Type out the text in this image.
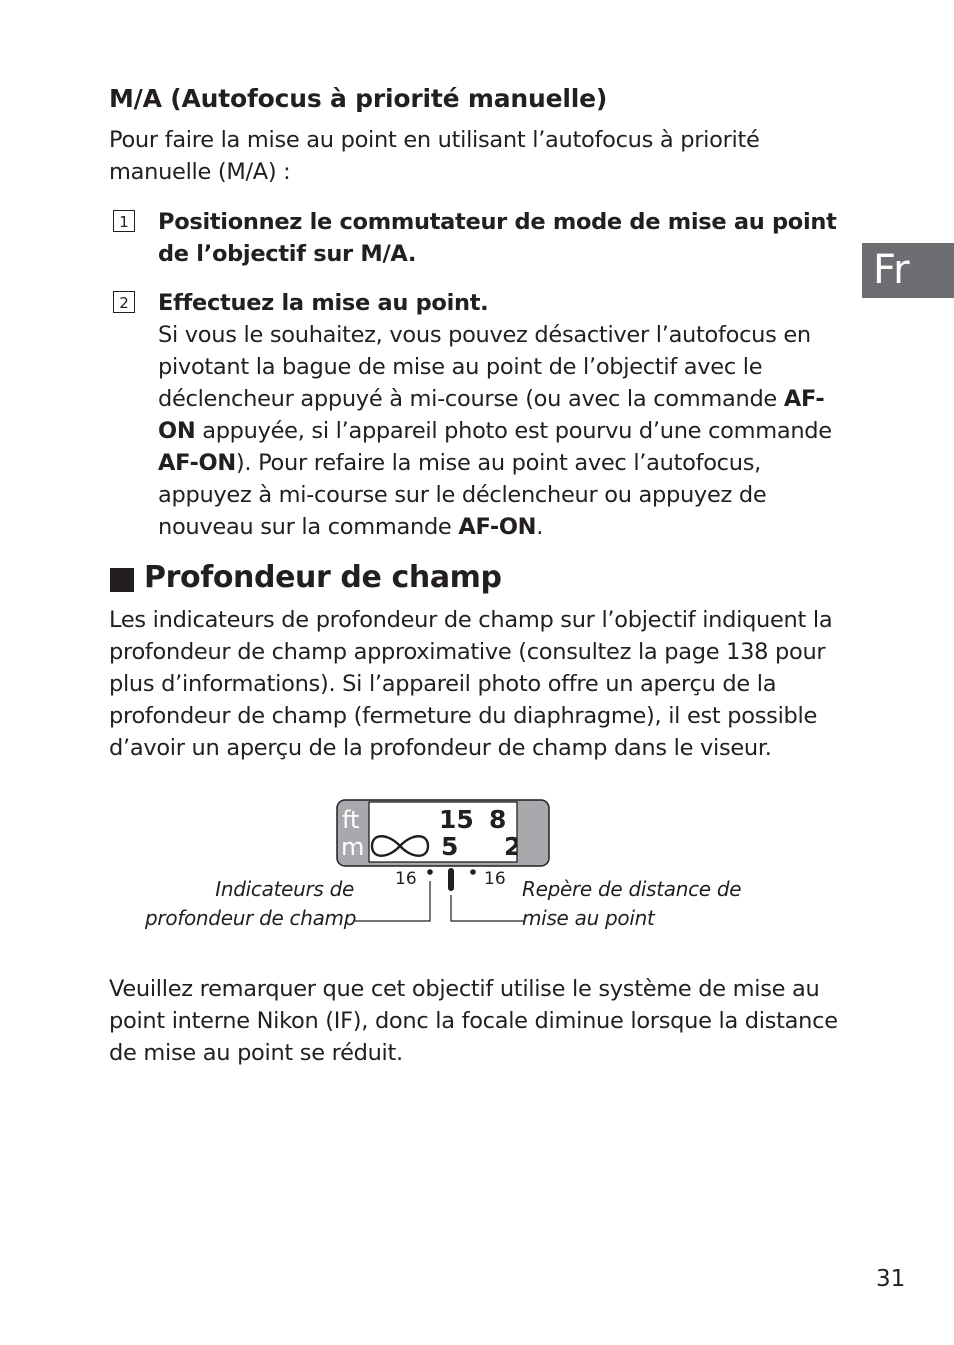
Fr
M/A (Autofocus à priorité manuelle)
Pour faire la mise au point en utilisant l’autofocus à priorité manuelle (M/A) :
1 Positionnez le commutateur de mode de mise au point de l’objectif sur M/A.
2 Effectuez la mise au point.
Si vous le souhaitez, vous pouvez désactiver l’autofocus en pivotant la bague de mise au point de l’objectif avec le déclencheur appuyé à mi-course (ou avec la commande AF-ON appuyée, si l’appareil photo est pourvu d’une commande AF-ON). Pour refaire la mise au point avec l’autofocus, appuyez à mi-course sur le déclencheur ou appuyez de nouveau sur la commande AF-ON.
Profondeur de champ
Les indicateurs de profondeur de champ sur l’objectif indiquent la profondeur de champ approximative (consultez la page 138 pour plus d’informations). Si l’appareil photo offre un aperçu de la profondeur de champ (fermeture du diaphragme), il est possible d’avoir un aperçu de la profondeur de champ dans le viseur.
ft
m
15 8
5 2
16	16
Indicateurs de
profondeur de champ
Repère de distance de
mise au point
Veuillez remarquer que cet objectif utilise le système de mise au point interne Nikon (IF), donc la focale diminue lorsque la distance de mise au point se réduit.
31
